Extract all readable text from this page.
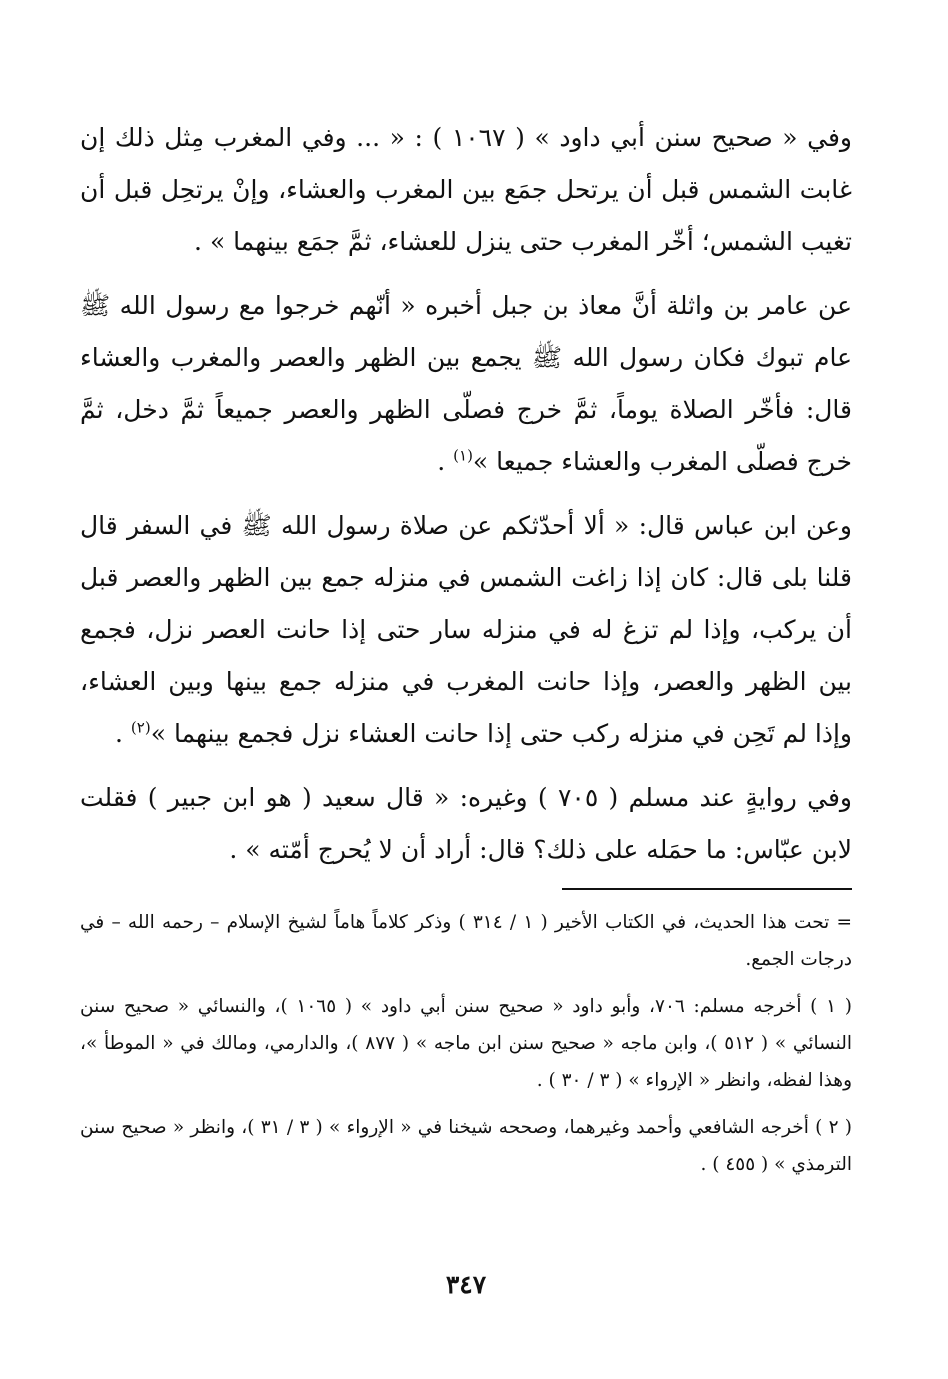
وفي « صحيح سنن أبي داود » ( ١٠٦٧ ) : « ... وفي المغرب مِثل ذلك إن غابت الشمس قبل أن يرتحل جمَع بين المغرب والعشاء، وإنْ يرتحِل قبل أن تغيب الشمس؛ أخّر المغرب حتى ينزل للعشاء، ثمَّ جمَع بينهما » .

عن عامر بن واثلة أنَّ معاذ بن جبل أخبره « أنّهم خرجوا مع رسول الله ﷺ عام تبوك فكان رسول الله ﷺ يجمع بين الظهر والعصر والمغرب والعشاء قال: فأخّر الصلاة يوماً، ثمَّ خرج فصلّى الظهر والعصر جميعاً ثمَّ دخل، ثمَّ خرج فصلّى المغرب والعشاء جميعا »$^{(١)}$ .

وعن ابن عباس قال: « ألا أحدّثكم عن صلاة رسول الله ﷺ في السفر قال قلنا بلى قال: كان إذا زاغت الشمس في منزله جمع بين الظهر والعصر قبل أن يركب، وإذا لم تزغ له في منزله سار حتى إذا حانت العصر نزل، فجمع بين الظهر والعصر، وإذا حانت المغرب في منزله جمع بينها وبين العشاء، وإذا لم تَحِن في منزله ركب حتى إذا حانت العشاء نزل فجمع بينهما »$^{(٢)}$ .

وفي روايةٍ عند مسلم ( ٧٠٥ ) وغيره: « قال سعيد ( هو ابن جبير ) فقلت لابن عبّاس: ما حمَله على ذلك؟ قال: أراد أن لا يُحرج أمّته » .

= تحت هذا الحديث، في الكتاب الأخير ( ١ / ٣١٤ ) وذكر كلاماً هاماً لشيخ الإسلام – رحمه الله – في درجات الجمع.

( ١ ) أخرجه مسلم: ٧٠٦، وأبو داود « صحيح سنن أبي داود » ( ١٠٦٥ )، والنسائي « صحيح سنن النسائي » ( ٥١٢ )، وابن ماجه « صحيح سنن ابن ماجه » ( ٨٧٧ )، والدارمي، ومالك في « الموطأ »، وهذا لفظه، وانظر « الإرواء » ( ٣ / ٣٠ ) .

( ٢ ) أخرجه الشافعي وأحمد وغيرهما، وصححه شيخنا في « الإرواء » ( ٣ / ٣١ )، وانظر « صحيح سنن الترمذي » ( ٤٥٥ ) .

٣٤٧
